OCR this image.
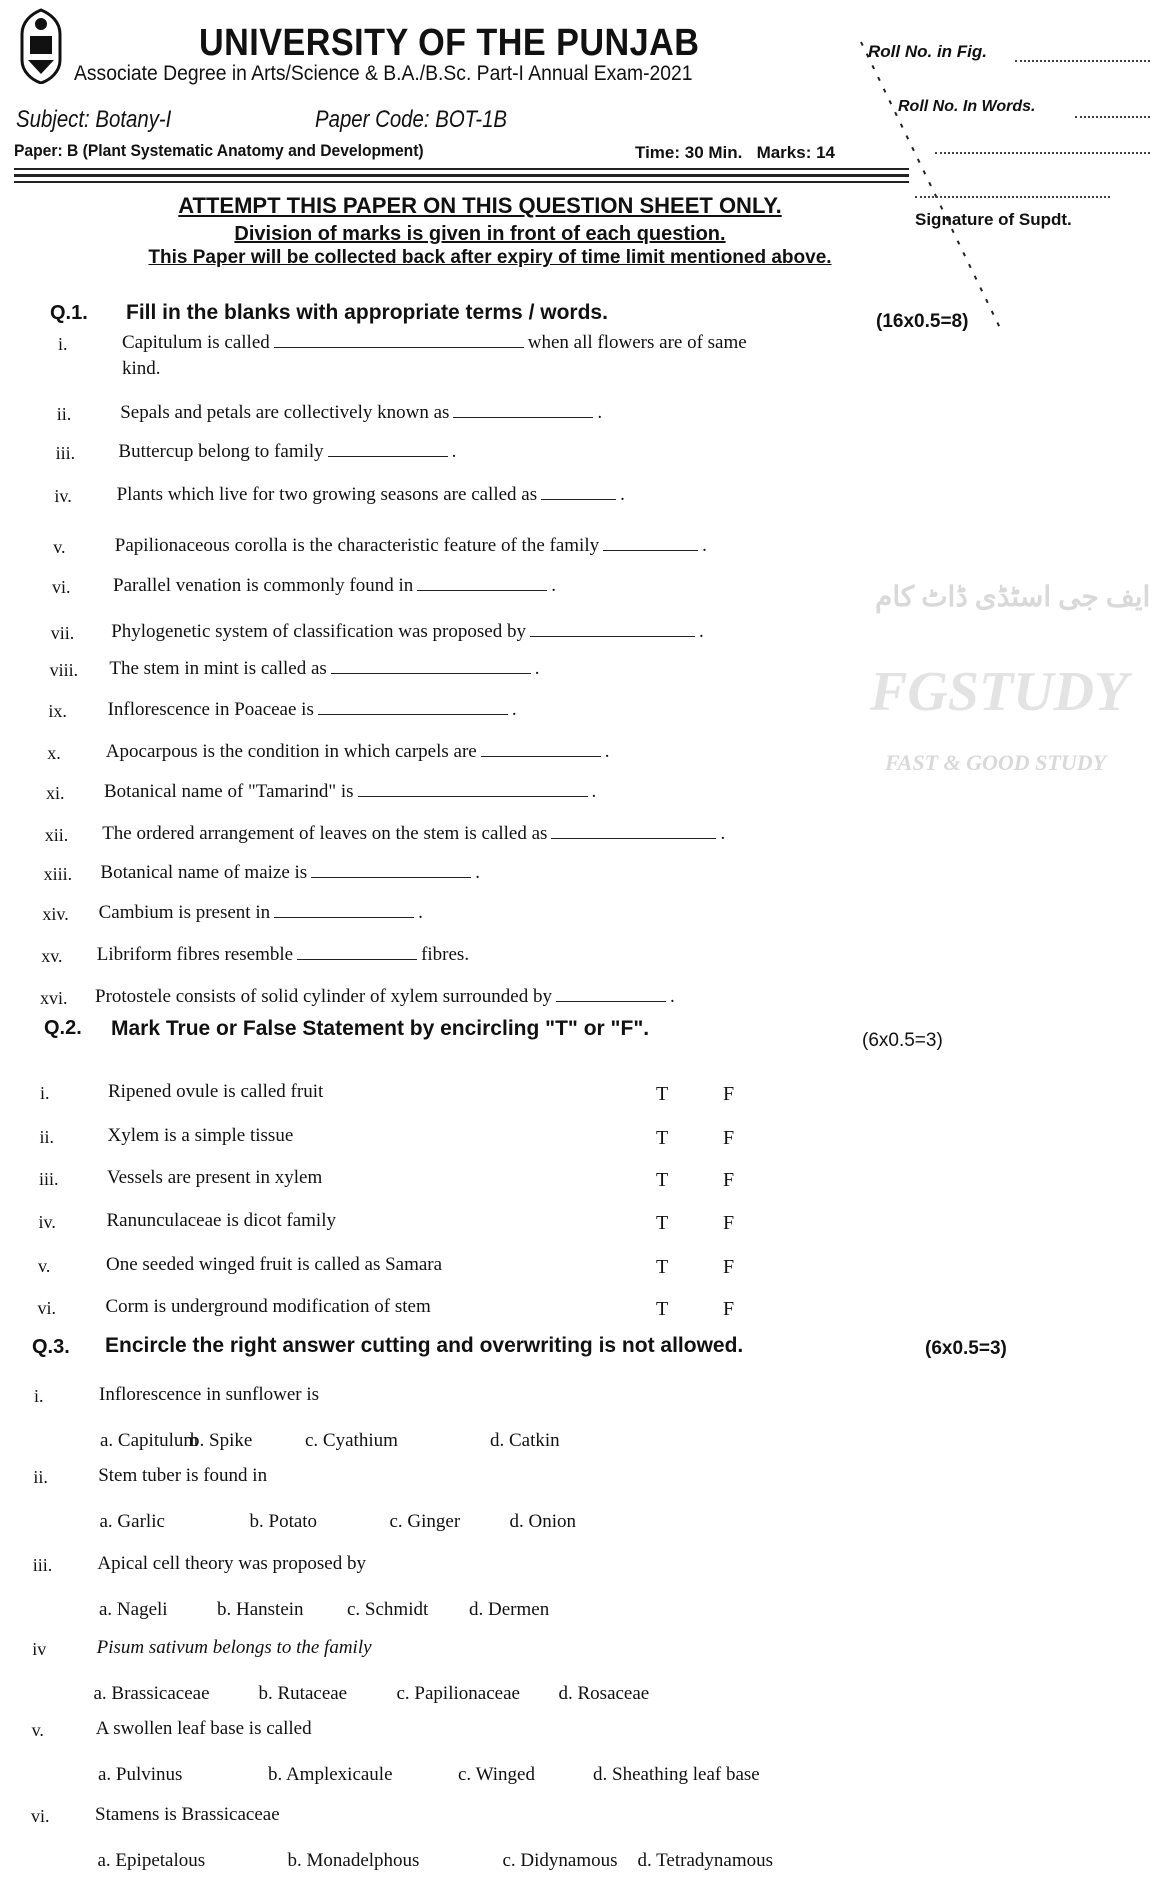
ایف جی اسٹڈی ڈاٹ کام
FGSTUDY
FAST & GOOD STUDY
UNIVERSITY OF THE PUNJAB
Associate Degree in Arts/Science & B.A./B.Sc. Part-I Annual Exam-2021
Subject: Botany-I	Paper Code: BOT-1B
Paper: B (Plant Systematic Anatomy and Development)	Time: 30 Min. Marks: 14
Roll No. in Fig.
Roll No. In Words.
Signature of Supdt.
ATTEMPT THIS PAPER ON THIS QUESTION SHEET ONLY.
Division of marks is given in front of each question.
This Paper will be collected back after expiry of time limit mentioned above.
Q.1. Fill in the blanks with appropriate terms / words.	(16x0.5=8)
Q.2. Mark True or False Statement by encircling "T" or "F".
(6x0.5=3)
Q.3. Encircle the right answer cutting and overwriting is not allowed.	(6x0.5=3)
i.	Capitulum is called	when all flowers are of same
kind.
ii.	Sepals and petals are collectively known as	.
iii. Buttercup belong to family	.
iv. Plants which live for two growing seasons are called as	.
v.	Papilionaceous corolla is the characteristic feature of the family	.
vi. Parallel venation is commonly found in	.
vii. Phylogenetic system of classification was proposed by	.
viii. The stem in mint is called as	.
ix. Inflorescence in Poaceae is	.
x. Apocarpous is the condition in which carpels are	.
xi. Botanical name of "Tamarind" is	.
xii. The ordered arrangement of leaves on the stem is called as	.
xiii. Botanical name of maize is	.
xiv. Cambium is present in	.
xv. Libriform fibres resemble	fibres.
xvi. Protostele consists of solid cylinder of xylem surrounded by	.
i.	Ripened ovule is called fruit	T	F
ii.	Xylem is a simple tissue	T	F
iii.	Vessels are present in xylem	T	F
iv.	Ranunculaceae is dicot family	T	F
v.	One seeded winged fruit is called as Samara	T	F
vi.	Corm is underground modification of stem	T	F
i.	Inflorescence in sunflower is
a. Capitulum
b. Spike	c. Cyathium	d. Catkin
ii.	Stem tuber is found in
a. Garlic	b. Potato	c. Ginger	d. Onion
iii. Apical cell theory was proposed by
a. Nageli	b. Hanstein c. Schmidt d. Dermen
iv	Pisum sativum belongs to the family
a. Brassicaceae	b. Rutaceae	c. Papilionaceae d. Rosaceae
v.	A swollen leaf base is called
a. Pulvinus	b. Amplexicaule	c. Winged	d. Sheathing leaf base
vi. Stamens is Brassicaceae
a. Epipetalous	b. Monadelphous	c. Didynamous d. Tetradynamous
